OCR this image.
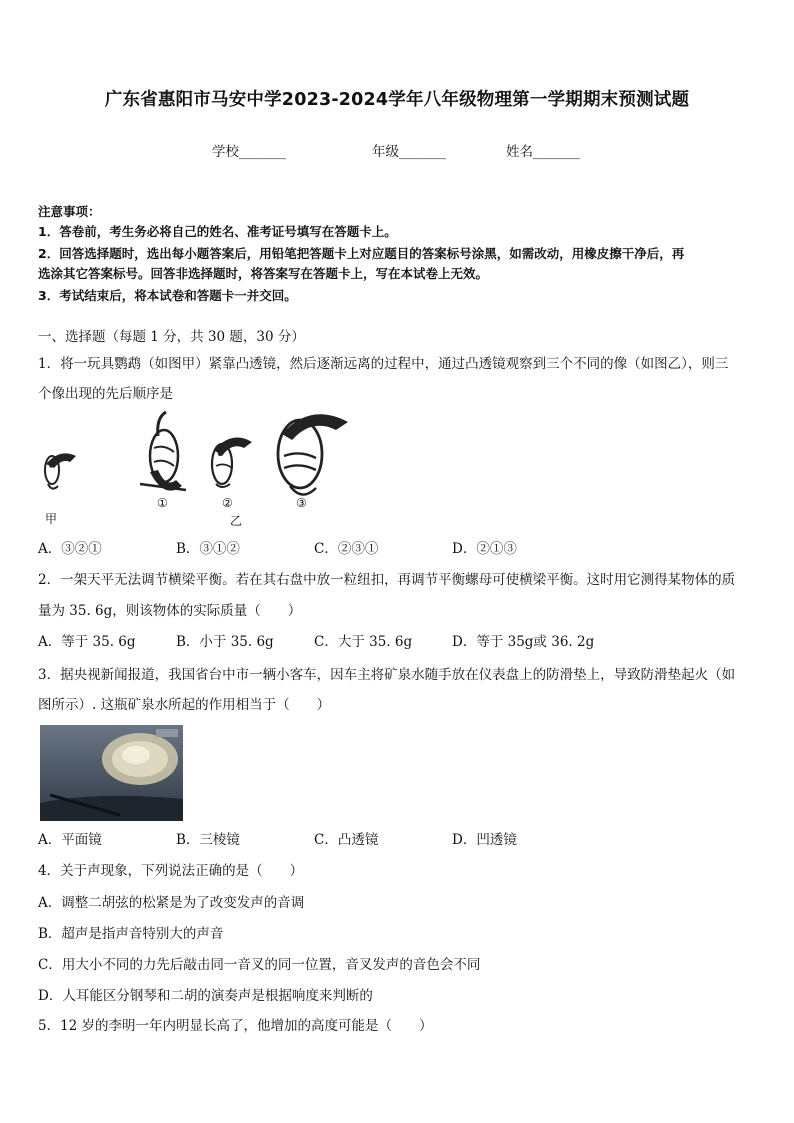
广东省惠阳市马安中学2023-2024学年八年级物理第一学期期末预测试题
学校_______	年级_______	姓名_______
注意事项：
1．答卷前，考生务必将自己的姓名、准考证号填写在答题卡上。
2．回答选择题时，选出每小题答案后，用铅笔把答题卡上对应题目的答案标号涂黑，如需改动，用橡皮擦干净后，再
选涂其它答案标号。回答非选择题时，将答案写在答题卡上，写在本试卷上无效。
3．考试结束后，将本试卷和答题卡一并交回。
一、选择题（每题 1 分，共 30 题，30 分）
1．将一玩具鹦鹉（如图甲）紧靠凸透镜，然后逐渐远离的过程中，通过凸透镜观察到三个不同的像（如图乙），则三
个像出现的先后顺序是
甲
①	②	③
乙
A．③②①	B．③①②	C．②③①	D．②①③
2．一架天平无法调节横梁平衡。若在其右盘中放一粒纽扣，再调节平衡螺母可使横梁平衡。这时用它测得某物体的质
量为 35. 6g，则该物体的实际质量（　　）
A．等于 35. 6g	B．小于 35. 6g	C．大于 35. 6g	D．等于 35g或 36. 2g
3．据央视新闻报道，我国省台中市一辆小客车，因车主将矿泉水随手放在仪表盘上的防滑垫上，导致防滑垫起火（如
图所示）. 这瓶矿泉水所起的作用相当于（　　）
A．平面镜	B．三棱镜	C．凸透镜	D．凹透镜
4．关于声现象，下列说法正确的是（　　）
A．调整二胡弦的松紧是为了改变发声的音调
B．超声是指声音特别大的声音
C．用大小不同的力先后敲击同一音叉的同一位置，音叉发声的音色会不同
D．人耳能区分钢琴和二胡的演奏声是根据响度来判断的
5．12 岁的李明一年内明显长高了，他增加的高度可能是（　　）
